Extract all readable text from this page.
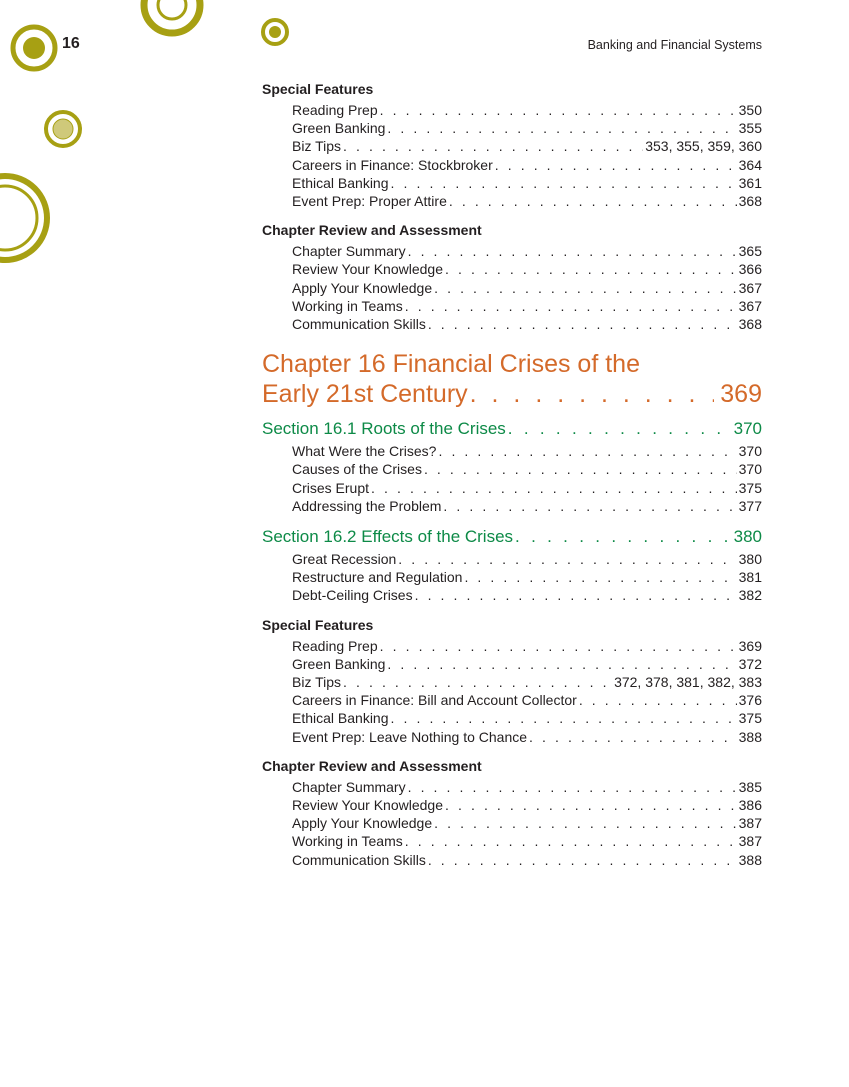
16	Banking and Financial Systems
Special Features
Reading Prep . . .	350
Green Banking . . .	355
Biz Tips . . .	353, 355, 359, 360
Careers in Finance: Stockbroker . . .	364
Ethical Banking . . .	361
Event Prep: Proper Attire . . .	368
Chapter Review and Assessment
Chapter Summary . . .	365
Review Your Knowledge . . .	366
Apply Your Knowledge . . .	367
Working in Teams . . .	367
Communication Skills . . .	368
Chapter 16 Financial Crises of the
Early 21st Century . . .	369
Section 16.1 Roots of the Crises . . .	370
What Were the Crises? . . .	370
Causes of the Crises . . .	370
Crises Erupt . . .	375
Addressing the Problem . . .	377
Section 16.2 Effects of the Crises . . .	380
Great Recession . . .	380
Restructure and Regulation . . .	381
Debt-Ceiling Crises . . .	382
Special Features
Reading Prep . . .	369
Green Banking . . .	372
Biz Tips . . .	372, 378, 381, 382, 383
Careers in Finance: Bill and Account Collector . . .	376
Ethical Banking . . .	375
Event Prep: Leave Nothing to Chance . . .	388
Chapter Review and Assessment
Chapter Summary . . .	385
Review Your Knowledge . . .	386
Apply Your Knowledge . . .	387
Working in Teams . . .	387
Communication Skills . . .	388
